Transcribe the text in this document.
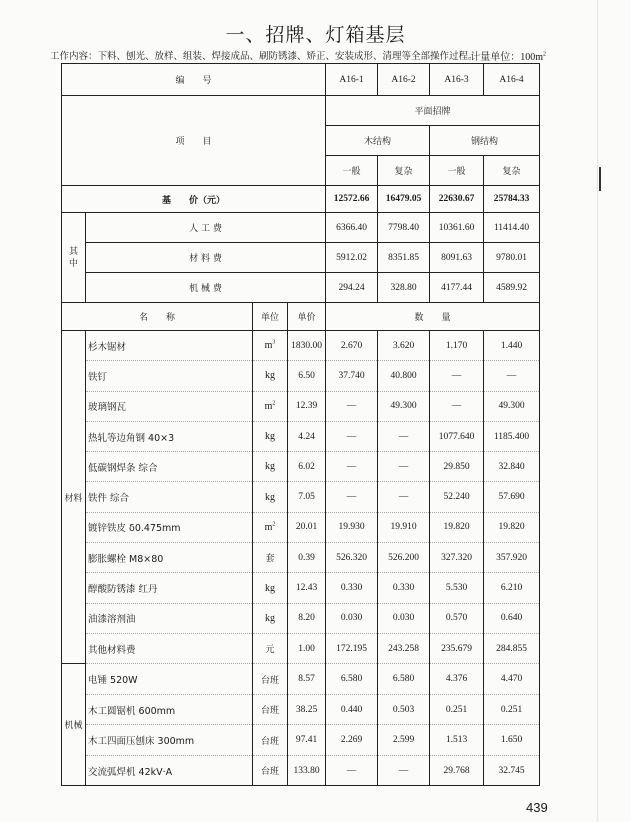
一、招牌、灯箱基层
工作内容：下料、刨光、放样、组装、焊接成品、刷防锈漆、矫正、安装成形、清理等全部操作过程。
计量单位：$100m^2$
编　　号				A16-1	A16-2	A16-3	A16-4
项　　目				平面招牌			
				木结构		钢结构	
				一般	复杂	一般	复杂
基　　价（元）				12572.66	16479.05	22630.67	25784.33
其中	人 工 费			6366.40	7798.40	10361.60	11414.40
	材 料 费			5912.02	8351.85	8091.63	9780.01
	机 械 费			294.24	328.80	4177.44	4589.92
名　　称		单位	单价	数　　量			
材料	杉木锯材	$m^3$	1830.00	2.670	3.620	1.170	1.440
	铁钉	kg	6.50	37.740	40.800	—	—
	玻璃钢瓦	$m^2$	12.39	—	49.300	—	49.300
	热轧等边角钢 40×3	kg	4.24	—	—	1077.640	1185.400
	低碳钢焊条 综合	kg	6.02	—	—	29.850	32.840
	铁件 综合	kg	7.05	—	—	52.240	57.690
	镀锌铁皮 δ0.475mm	$m^2$	20.01	19.930	19.910	19.820	19.820
	膨胀螺栓 M8×80	套	0.39	526.320	526.200	327.320	357.920
	醇酸防锈漆 红丹	kg	12.43	0.330	0.330	5.530	6.210
	油漆溶剂油	kg	8.20	0.030	0.030	0.570	0.640
	其他材料费	元	1.00	172.195	243.258	235.679	284.855
机械	电锤 520W	台班	8.57	6.580	6.580	4.376	4.470
	木工圆锯机 600mm	台班	38.25	0.440	0.503	0.251	0.251
	木工四面压刨床 300mm	台班	97.41	2.269	2.599	1.513	1.650
	交流弧焊机 42kV·A	台班	133.80	—	—	29.768	32.745
439
